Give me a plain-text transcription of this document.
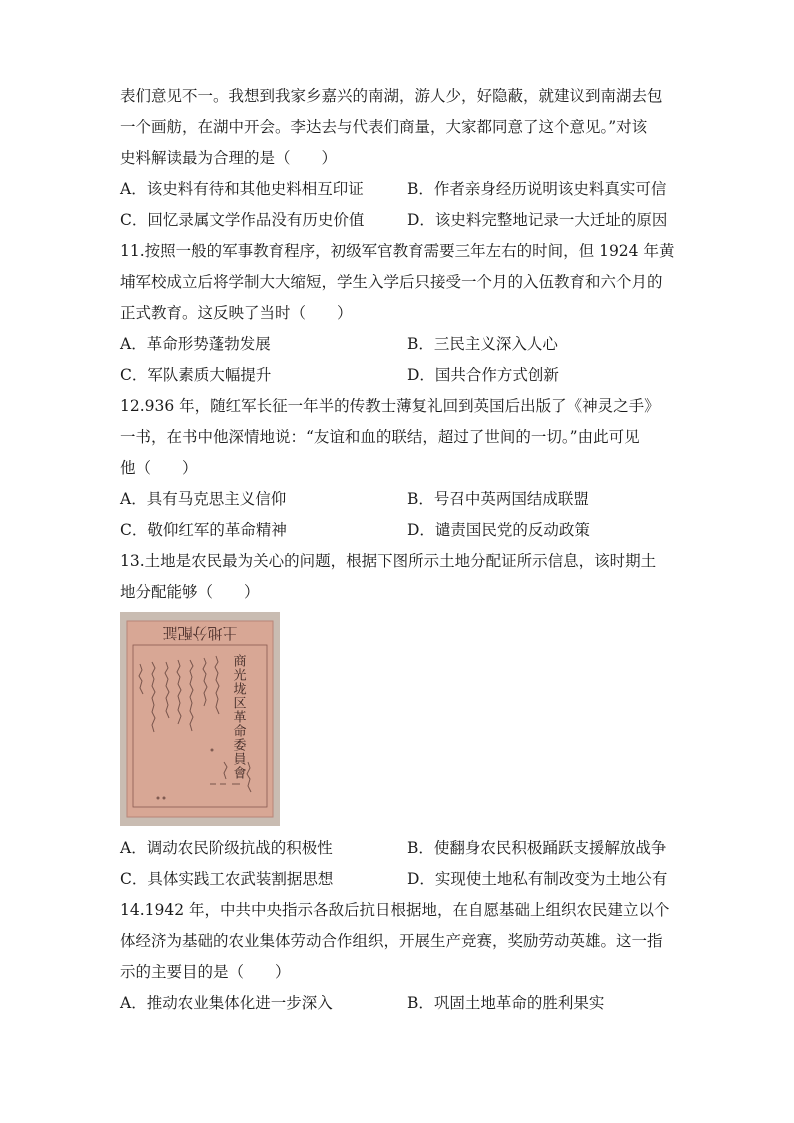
表们意见不一。我想到我家乡嘉兴的南湖，游人少，好隐蔽，就建议到南湖去包
一个画舫，在湖中开会。李达去与代表们商量，大家都同意了这个意见。”对该
史料解读最为合理的是（　　）
A．该史料有待和其他史料相互印证	B．作者亲身经历说明该史料真实可信
C．回忆录属文学作品没有历史价值	D．该史料完整地记录一大迁址的原因
11.按照一般的军事教育程序，初级军官教育需要三年左右的时间，但 1924 年黄
埔军校成立后将学制大大缩短，学生入学后只接受一个月的入伍教育和六个月的
正式教育。这反映了当时（　　）
A．革命形势蓬勃发展	B．三民主义深入人心
C．军队素质大幅提升	D．国共合作方式创新
12.936 年，随红军长征一年半的传教士薄复礼回到英国后出版了《神灵之手》
一书，在书中他深情地说：“友谊和血的联结，超过了世间的一切。”由此可见
他（　　）
A．具有马克思主义信仰	B．号召中英两国结成联盟
C．敬仰红军的革命精神	D．谴责国民党的反动政策
13.土地是农民最为关心的问题，根据下图所示土地分配证所示信息，该时期土
地分配能够（　　）
土地分配証
商光垅区革命委員會
A．调动农民阶级抗战的积极性	B．使翻身农民积极踊跃支援解放战争
C．具体实践工农武装割据思想	D．实现使土地私有制改变为土地公有
14.1942 年，中共中央指示各敌后抗日根据地，在自愿基础上组织农民建立以个
体经济为基础的农业集体劳动合作组织，开展生产竞赛，奖励劳动英雄。这一指
示的主要目的是（　　）
A．推动农业集体化进一步深入	B．巩固土地革命的胜利果实
